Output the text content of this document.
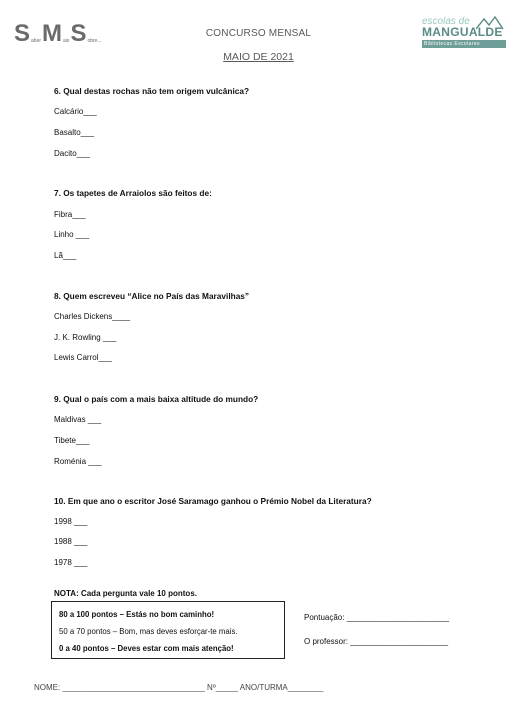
S aber M ais S obre...
CONCURSO MENSAL
MAIO DE 2021
escolas de
MANGUALDE
Bibliotecas Escolares
6. Qual destas rochas não tem origem vulcânica?
Calcário___
Basalto___
Dacito___
7. Os tapetes de Arraiolos são feitos de:
Fibra___
Linho ___
Lã___
8. Quem escreveu “Alice no País das Maravilhas”
Charles Dickens____
J. K. Rowling ___
Lewis Carrol___
9. Qual o país com a mais baixa altitude do mundo?
Maldivas ___
Tibete___
Roménia ___
10. Em que ano o escritor José Saramago ganhou o Prémio Nobel da Literatura?
1998 ___
1988 ___
1978 ___
NOTA: Cada pergunta vale 10 pontos.
80 a 100 pontos – Estás no bom caminho!
50 a 70 pontos – Bom, mas deves esforçar-te mais.
0 a 40 pontos – Deves estar com mais atenção!
Pontuação: _______________________
O professor: ______________________
NOME: ________________________________ Nº_____ ANO/TURMA________
